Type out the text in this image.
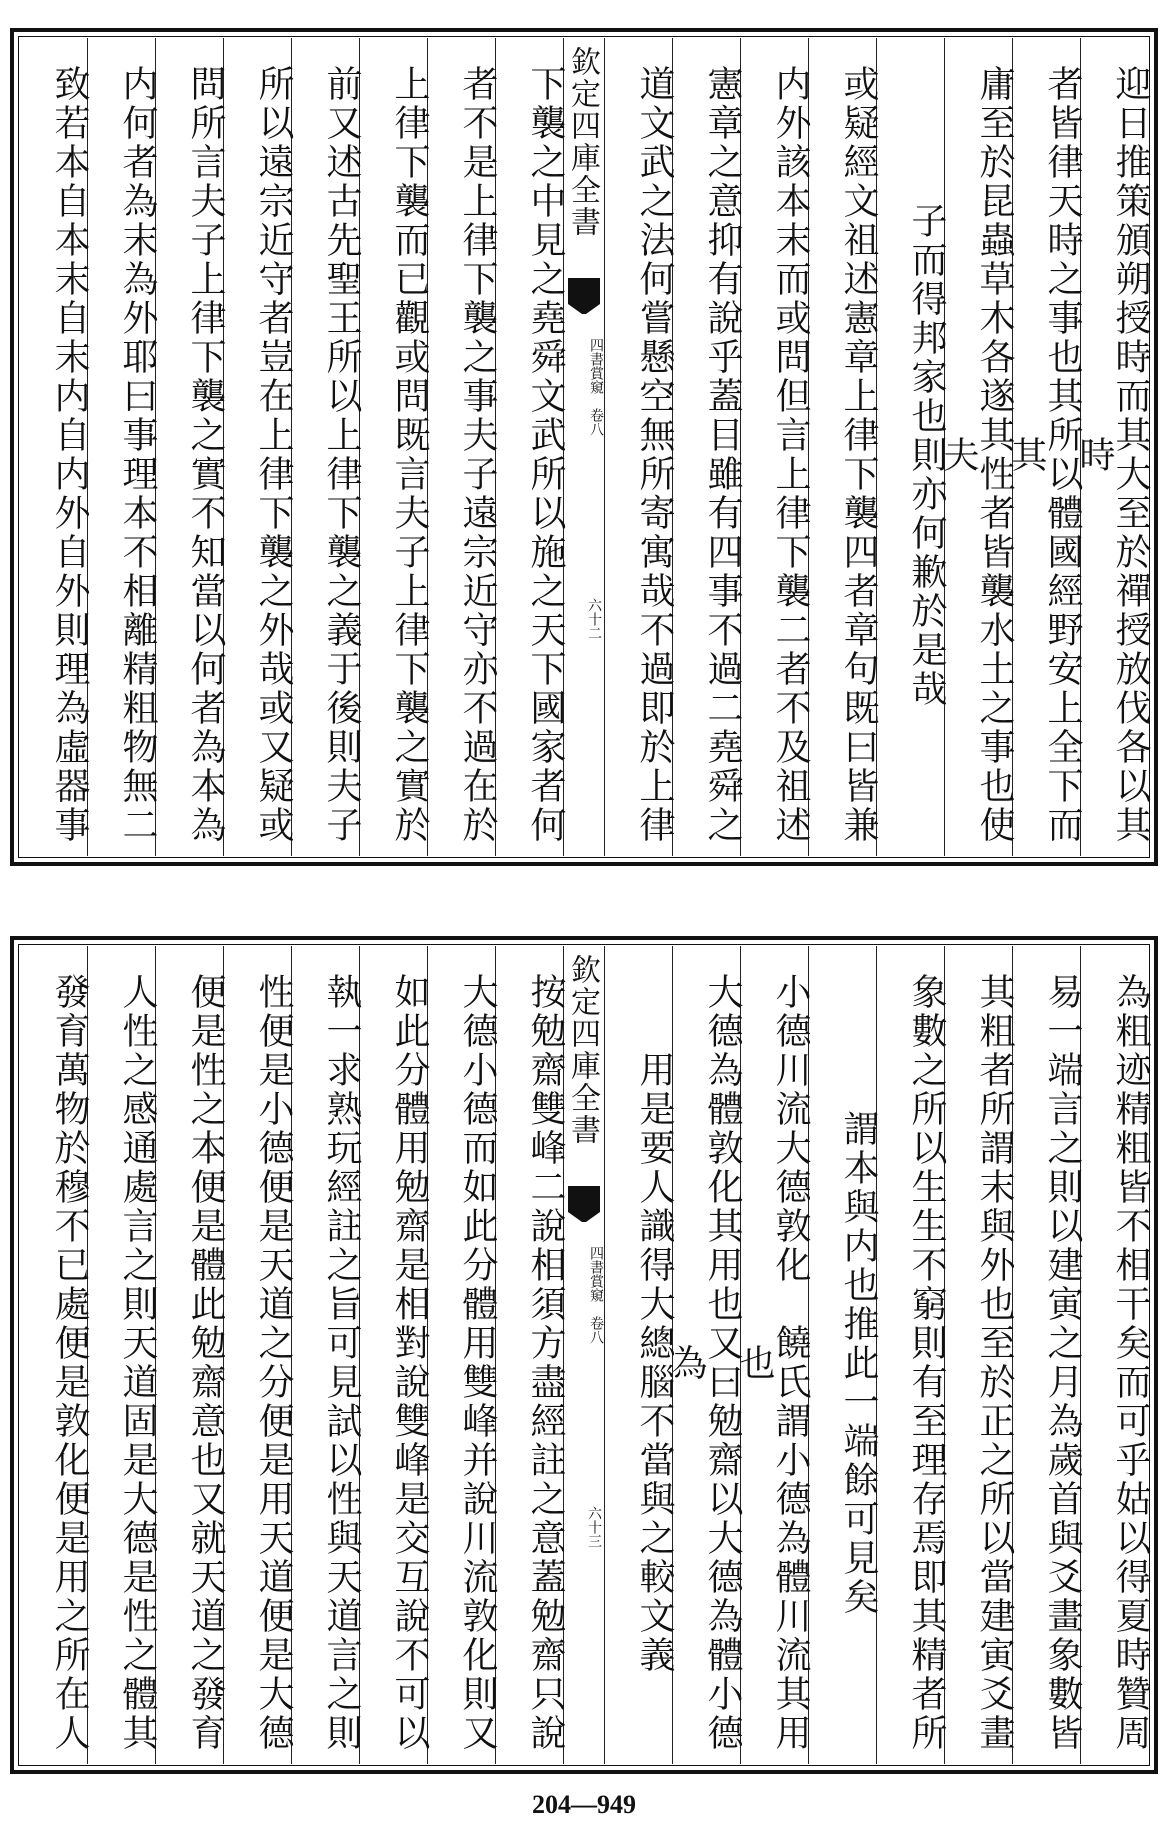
迎日推策頒朔授時而其大至於禪授放伐各以其時
者皆律天時之事也其所以體國經野安上全下而其
庸至於昆蟲草木各遂其性者皆襲水土之事也使夫
子而得邦家也則亦何歉於是哉
或疑經文祖述憲章上律下襲四者章句既曰皆兼
内外該本末而或問但言上律下襲二者不及祖述
憲章之意抑有說乎蓋目雖有四事不過二堯舜之
道文武之法何嘗懸空無所寄寓哉不過即於上律
欽定四庫全書
四書賞窺
卷八
六十二
下襲之中見之堯舜文武所以施之天下國家者何
者不是上律下襲之事夫子遠宗近守亦不過在於
上律下襲而已觀或問既言夫子上律下襲之實於
前又述古先聖王所以上律下襲之義于後則夫子
所以遠宗近守者豈在上律下襲之外哉或又疑或
問所言夫子上律下襲之實不知當以何者為本為
内何者為末為外耶曰事理本不相離精粗物無二
致若本自本末自末内自内外自外則理為虛器事
為粗迹精粗皆不相干矣而可乎姑以得夏時贊周
易一端言之則以建寅之月為歲首與爻畫象數皆
其粗者所謂末與外也至於正之所以當建寅爻畫
象數之所以生生不窮則有至理存焉即其精者所
謂本與内也推此一端餘可見矣
小德川流大德敦化　饒氏謂小德為體川流其用也
大德為體敦化其用也又曰勉齋以大德為體小德為
用是要人識得大總腦不當與之較文義
欽定四庫全書
四書賞窺
卷八
六十三
按勉齋雙峰二說相須方盡經註之意蓋勉齋只說
大德小德而如此分體用雙峰并說川流敦化則又
如此分體用勉齋是相對說雙峰是交互說不可以
執一求熟玩經註之旨可見試以性與天道言之則
性便是小德便是天道之分便是用天道便是大德
便是性之本便是體此勉齋意也又就天道之發育
人性之感通處言之則天道固是大德是性之體其
發育萬物於穆不已處便是敦化便是用之所在人
204—949
